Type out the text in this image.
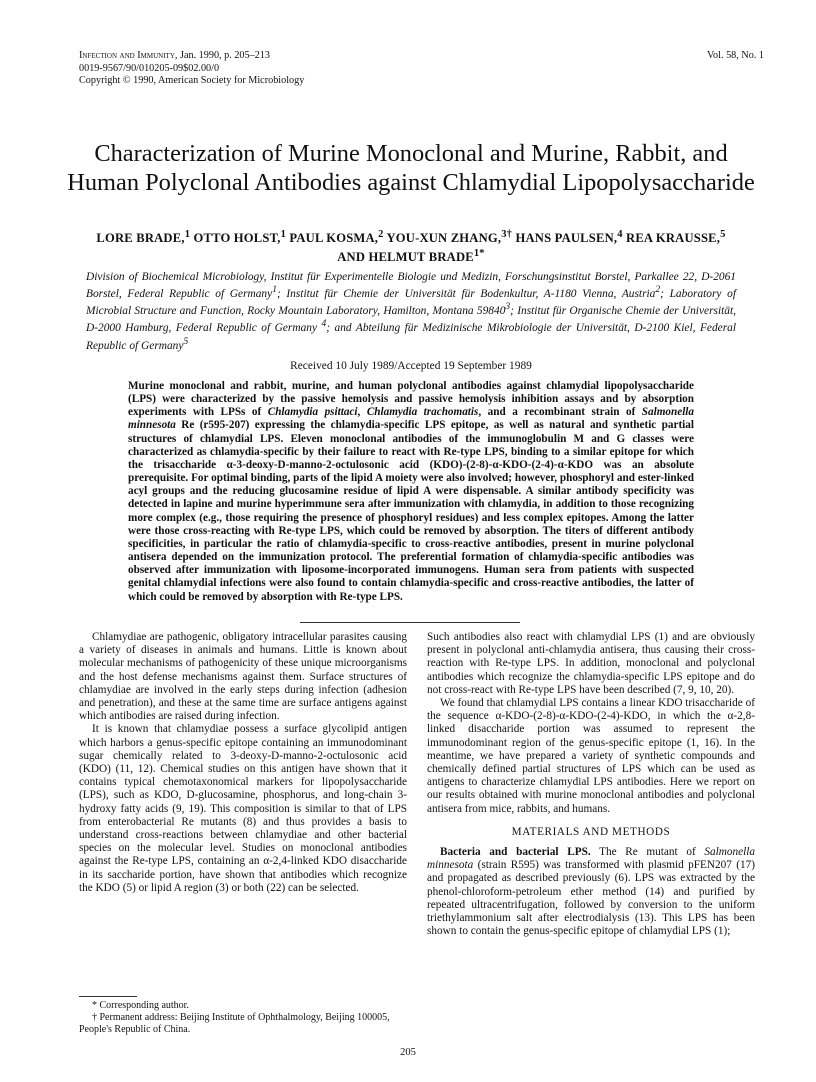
Infection and Immunity, Jan. 1990, p. 205–213
0019-9567/90/010205-09$02.00/0
Copyright © 1990, American Society for Microbiology
Vol. 58, No. 1
Characterization of Murine Monoclonal and Murine, Rabbit, and Human Polyclonal Antibodies against Chlamydial Lipopolysaccharide
LORE BRADE,$^1$ OTTO HOLST,$^1$ PAUL KOSMA,$^2$ YOU-XUN ZHANG,$^{3\dagger}$ HANS PAULSEN,$^4$ REA KRAUSSE,$^5$
AND HELMUT $BRADE^{1*}$
Division of Biochemical Microbiology, Institut für Experimentelle Biologie und Medizin, Forschungsinstitut Borstel, Parkallee 22, D-2061 Borstel, Federal Republic of Germany$^1$; Institut für Chemie der Universität für Bodenkultur, A-1180 Vienna, Austria$^2$; Laboratory of Microbial Structure and Function, Rocky Mountain Laboratory, Hamilton, Montana 59840$^3$; Institut für Organische Chemie der Universität, D-2000 Hamburg, Federal Republic of Germany $^4$; and Abteilung für Medizinische Mikrobiologie der Universität, D-2100 Kiel, Federal Republic of Germany$^5$
Received 10 July 1989/Accepted 19 September 1989
Murine monoclonal and rabbit, murine, and human polyclonal antibodies against chlamydial lipopolysaccharide (LPS) were characterized by the passive hemolysis and passive hemolysis inhibition assays and by absorption experiments with LPSs of Chlamydia psittaci, Chlamydia trachomatis, and a recombinant strain of Salmonella minnesota Re (r595-207) expressing the chlamydia-specific LPS epitope, as well as natural and synthetic partial structures of chlamydial LPS. Eleven monoclonal antibodies of the immunoglobulin M and G classes were characterized as chlamydia-specific by their failure to react with Re-type LPS, binding to a similar epitope for which the trisaccharide α-3-deoxy-D-manno-2-octulosonic acid (KDO)-(2-8)-α-KDO-(2-4)-α-KDO was an absolute prerequisite. For optimal binding, parts of the lipid A moiety were also involved; however, phosphoryl and ester-linked acyl groups and the reducing glucosamine residue of lipid A were dispensable. A similar antibody specificity was detected in lapine and murine hyperimmune sera after immunization with chlamydia, in addition to those recognizing more complex (e.g., those requiring the presence of phosphoryl residues) and less complex epitopes. Among the latter were those cross-reacting with Re-type LPS, which could be removed by absorption. The titers of different antibody specificities, in particular the ratio of chlamydia-specific to cross-reactive antibodies, present in murine polyclonal antisera depended on the immunization protocol. The preferential formation of chlamydia-specific antibodies was observed after immunization with liposome-incorporated immunogens. Human sera from patients with suspected genital chlamydial infections were also found to contain chlamydia-specific and cross-reactive antibodies, the latter of which could be removed by absorption with Re-type LPS.

Chlamydiae are pathogenic, obligatory intracellular parasites causing a variety of diseases in animals and humans. Little is known about molecular mechanisms of pathogenicity of these unique microorganisms and the host defense mechanisms against them. Surface structures of chlamydiae are involved in the early steps during infection (adhesion and penetration), and these at the same time are surface antigens against which antibodies are raised during infection.

It is known that chlamydiae possess a surface glycolipid antigen which harbors a genus-specific epitope containing an immunodominant sugar chemically related to 3-deoxy-D-manno-2-octulosonic acid (KDO) (11, 12). Chemical studies on this antigen have shown that it contains typical chemotaxonomical markers for lipopolysaccharide (LPS), such as KDO, D-glucosamine, phosphorus, and long-chain 3-hydroxy fatty acids (9, 19). This composition is similar to that of LPS from enterobacterial Re mutants (8) and thus provides a basis to understand cross-reactions between chlamydiae and other bacterial species on the molecular level. Studies on monoclonal antibodies against the Re-type LPS, containing an α-2,4-linked KDO disaccharide in its saccharide portion, have shown that antibodies which recognize the KDO (5) or lipid A region (3) or both (22) can be selected.

Such antibodies also react with chlamydial LPS (1) and are obviously present in polyclonal anti-chlamydia antisera, thus causing their cross-reaction with Re-type LPS. In addition, monoclonal and polyclonal antibodies which recognize the chlamydia-specific LPS epitope and do not cross-react with Re-type LPS have been described (7, 9, 10, 20).

We found that chlamydial LPS contains a linear KDO trisaccharide of the sequence α-KDO-(2-8)-α-KDO-(2-4)-KDO, in which the α-2,8-linked disaccharide portion was assumed to represent the immunodominant region of the genus-specific epitope (1, 16). In the meantime, we have prepared a variety of synthetic compounds and chemically defined partial structures of LPS which can be used as antigens to characterize chlamydial LPS antibodies. Here we report on our results obtained with murine monoclonal antibodies and polyclonal antisera from mice, rabbits, and humans.

MATERIALS AND METHODS

Bacteria and bacterial LPS. The Re mutant of Salmonella minnesota (strain R595) was transformed with plasmid pFEN207 (17) and propagated as described previously (6). LPS was extracted by the phenol-chloroform-petroleum ether method (14) and purified by repeated ultracentrifugation, followed by conversion to the uniform triethylammonium salt after electrodialysis (13). This LPS has been shown to contain the genus-specific epitope of chlamydial LPS (1);

* Corresponding author.

† Permanent address: Beijing Institute of Ophthalmology, Beijing 100005, People's Republic of China.

205
